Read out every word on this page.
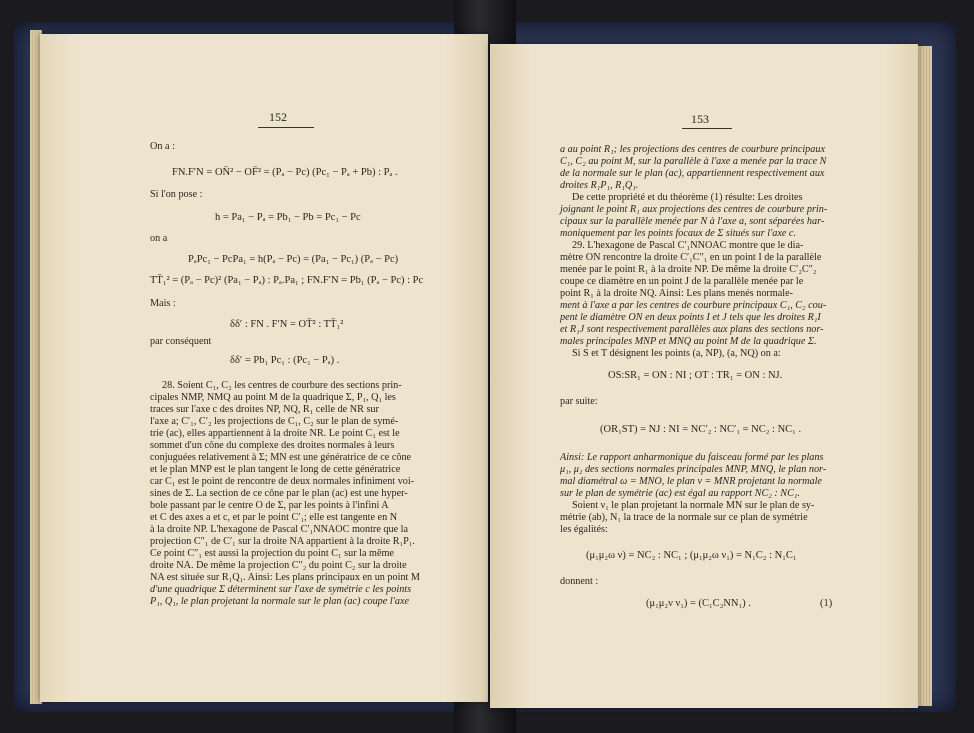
152
On a :
FN.F′N = ON̄² − OF̄² = (Pₐ − Pc) (Pc₁ − Pₐ + Pb) : Pₐ .
Si l'on pose :
h = Pa₁ − Pₐ = Pb₁ − Pb = Pc₁ − Pc
on a
PₐPc₁ − PcPa₁ = h(Pₐ − Pc) = (Pa₁ − Pc₁) (Pₐ − Pc)
TT̄₁² = (Pₐ − Pc)² (Pa₁ − Pₐ) : Pₐ.Pa₁ ; FN.F′N = Pb₁ (Pₐ − Pc) : Pc
Mais :
δδ′ : FN . F′N = OT̄² : TT̄₁²
par conséquent
δδ′ = Pb₁ Pc₁ : (Pc₁ − Pₐ) .
28. Soient C₁, C₂ les centres de courbure des sections prin-
cipales NMP, NMQ au point M de la quadrique Σ, P₁, Q₁ les
traces sur l'axe c des droites NP, NQ, R₁ celle de NR sur
l'axe a; C′₁, C′₂ les projections de C₁, C₂ sur le plan de symé-
trie (ac), elles appartiennent à la droite NR. Le point C₁ est le
sommet d'un cône du complexe des droites normales à leurs
conjuguées relativement à Σ; MN est une génératrice de ce cône
et le plan MNP est le plan tangent le long de cette génératrice
car C₁ est le point de rencontre de deux normales infiniment voi-
sines de Σ. La section de ce cône par le plan (ac) est une hyper-
bole passant par le centre O de Σ, par les points à l'infini A
et C des axes a et c, et par le point C′₁; elle est tangente en N
à la droite NP. L'hexagone de Pascal C′₁NNAOC montre que la
projection C″₁ de C′₁ sur la droite NA appartient à la droite R₁P₁.
Ce point C″₁ est aussi la projection du point C₁ sur la même
droite NA. De même la projection C″₂ du point C₂ sur la droite
NA est située sur R₁Q₁. Ainsi: Les plans principaux en un point M
d'une quadrique Σ déterminent sur l'axe de symétrie c les points
P₁, Q₁, le plan projetant la normale sur le plan (ac) coupe l'axe
153
a au point R₁; les projections des centres de courbure principaux
C₁, C₂ au point M, sur la parallèle à l'axe a menée par la trace N
de la normale sur le plan (ac), appartiennent respectivement aux
droites R₁P₁, R₁Q₁.
De cette propriété et du théorème (1) résulte: Les droites
joignant le point R₁ aux projections des centres de courbure prin-
cipaux sur la parallèle menée par N à l'axe a, sont séparées har-
moniquement par les points focaux de Σ situés sur l'axe c.
29. L'hexagone de Pascal C′₁NNOAC montre que le dia-
mètre ON rencontre la droite C′₁C″₁ en un point I de la parallèle
menée par le point R₁ à la droite NP. De même la droite C′₂C″₂
coupe ce diamètre en un point J de la parallèle menée par le
point R₁ à la droite NQ. Ainsi: Les plans menés normale-
ment à l'axe a par les centres de courbure principaux C₁, C₂ cou-
pent le diamètre ON en deux points I et J tels que les droites R₁I
et R₁J sont respectivement parallèles aux plans des sections nor-
males principales MNP et MNQ au point M de la quadrique Σ.
Si S et T désignent les points (a, NP), (a, NQ) on a:
OS:SR₁ = ON : NI ; OT : TR₁ = ON : NJ.
par suite:
(OR₁ST) = NJ : NI = NC′₂ : NC′₁ = NC₂ : NC₁ .
Ainsi: Le rapport anharmonique du faisceau formé par les plans
μ₁, μ₂ des sections normales principales MNP, MNQ, le plan nor-
mal diamétral ω = MNO, le plan ν = MNR projetant la normale
sur le plan de symétrie (ac) est égal au rapport NC₂ : NC₁.
Soient ν₁ le plan projetant la normale MN sur le plan de sy-
métrie (ab), N₁ la trace de la normale sur ce plan de symétrie
les égalités:
(μ₁μ₂ω ν) = NC₂ : NC₁ ; (μ₁μ₂ω ν₁) = N₁C₂ : N₁C₁
donnent :
(μ₁μ₂ν ν₁) = (C₁C₂NN₁) .	(1)
